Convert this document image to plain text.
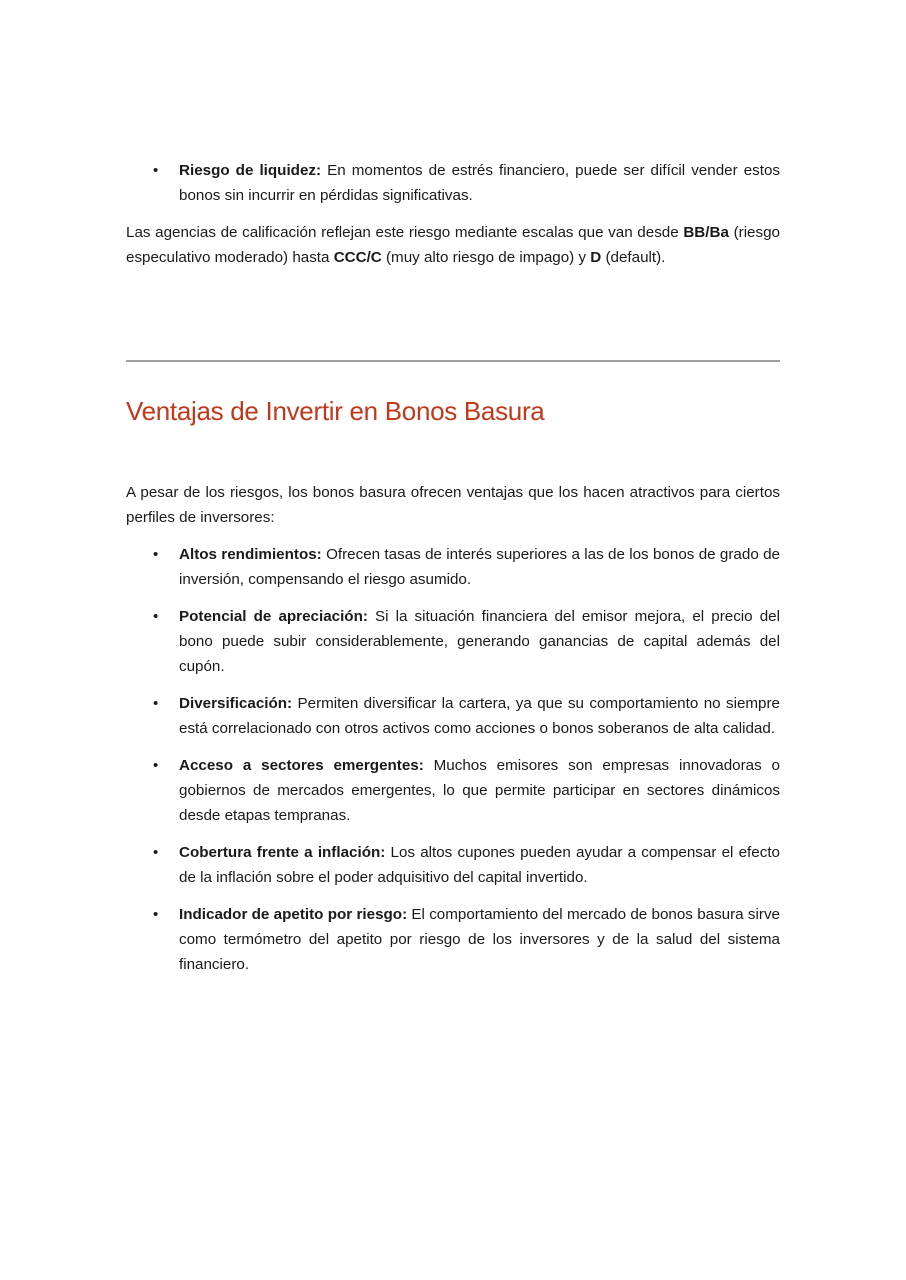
• Riesgo de liquidez: En momentos de estrés financiero, puede ser difícil vender estos bonos sin incurrir en pérdidas significativas.

Las agencias de calificación reflejan este riesgo mediante escalas que van desde BB/Ba (riesgo especulativo moderado) hasta CCC/C (muy alto riesgo de impago) y D (default).

Ventajas de Invertir en Bonos Basura

A pesar de los riesgos, los bonos basura ofrecen ventajas que los hacen atractivos para ciertos perfiles de inversores:

• Altos rendimientos: Ofrecen tasas de interés superiores a las de los bonos de grado de inversión, compensando el riesgo asumido.
• Potencial de apreciación: Si la situación financiera del emisor mejora, el precio del bono puede subir considerablemente, generando ganancias de capital además del cupón.
• Diversificación: Permiten diversificar la cartera, ya que su comportamiento no siempre está correlacionado con otros activos como acciones o bonos soberanos de alta calidad.
• Acceso a sectores emergentes: Muchos emisores son empresas innovadoras o gobiernos de mercados emergentes, lo que permite participar en sectores dinámicos desde etapas tempranas.
• Cobertura frente a inflación: Los altos cupones pueden ayudar a compensar el efecto de la inflación sobre el poder adquisitivo del capital invertido.
• Indicador de apetito por riesgo: El comportamiento del mercado de bonos basura sirve como termómetro del apetito por riesgo de los inversores y de la salud del sistema financiero.
